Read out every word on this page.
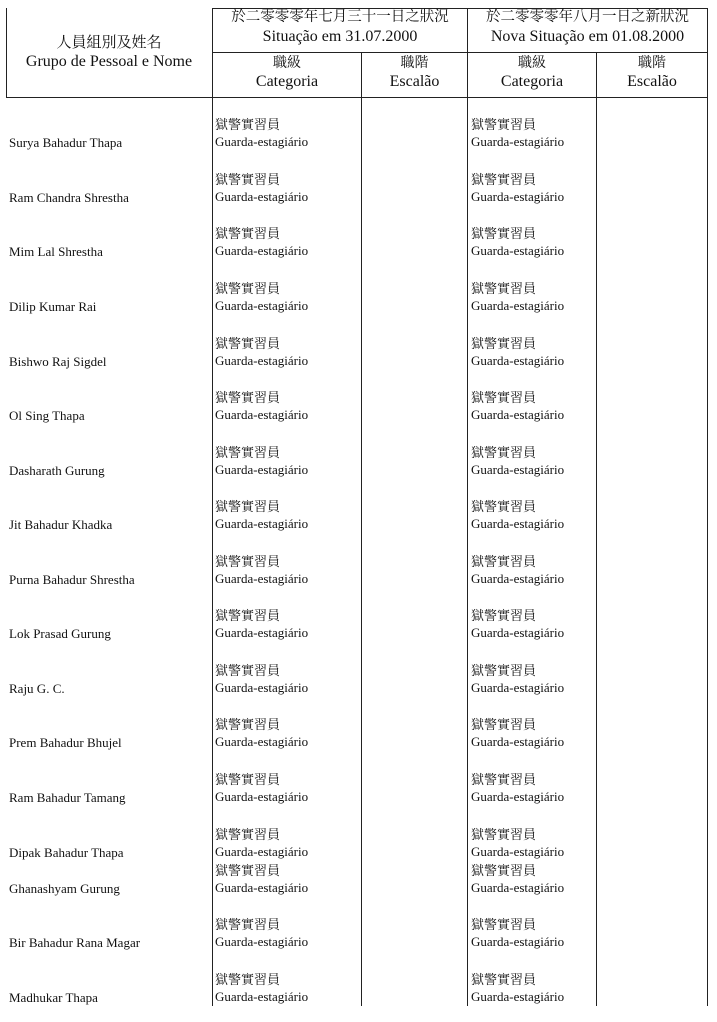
人員組別及姓名
Grupo de Pessoal e Nome
於二零零零年七月三十一日之狀況
Situação em 31.07.2000
於二零零零年八月一日之新狀況
Nova Situação em 01.08.2000
職級
Categoria
職階
Escalão
職級
Categoria
職階
Escalão
Surya Bahadur Thapa
獄警實習員
Guarda-estagiário
獄警實習員
Guarda-estagiário
Ram Chandra Shrestha
獄警實習員
Guarda-estagiário
獄警實習員
Guarda-estagiário
Mim Lal Shrestha
獄警實習員
Guarda-estagiário
獄警實習員
Guarda-estagiário
Dilip Kumar Rai
獄警實習員
Guarda-estagiário
獄警實習員
Guarda-estagiário
Bishwo Raj Sigdel
獄警實習員
Guarda-estagiário
獄警實習員
Guarda-estagiário
Ol Sing Thapa
獄警實習員
Guarda-estagiário
獄警實習員
Guarda-estagiário
Dasharath Gurung
獄警實習員
Guarda-estagiário
獄警實習員
Guarda-estagiário
Jit Bahadur Khadka
獄警實習員
Guarda-estagiário
獄警實習員
Guarda-estagiário
Purna Bahadur Shrestha
獄警實習員
Guarda-estagiário
獄警實習員
Guarda-estagiário
Lok Prasad Gurung
獄警實習員
Guarda-estagiário
獄警實習員
Guarda-estagiário
Raju G. C.
獄警實習員
Guarda-estagiário
獄警實習員
Guarda-estagiário
Prem Bahadur Bhujel
獄警實習員
Guarda-estagiário
獄警實習員
Guarda-estagiário
Ram Bahadur Tamang
獄警實習員
Guarda-estagiário
獄警實習員
Guarda-estagiário
Dipak Bahadur Thapa
獄警實習員
Guarda-estagiário
獄警實習員
Guarda-estagiário
Ghanashyam Gurung
獄警實習員
Guarda-estagiário
獄警實習員
Guarda-estagiário
Bir Bahadur Rana Magar
獄警實習員
Guarda-estagiário
獄警實習員
Guarda-estagiário
Madhukar Thapa
獄警實習員
Guarda-estagiário
獄警實習員
Guarda-estagiário
